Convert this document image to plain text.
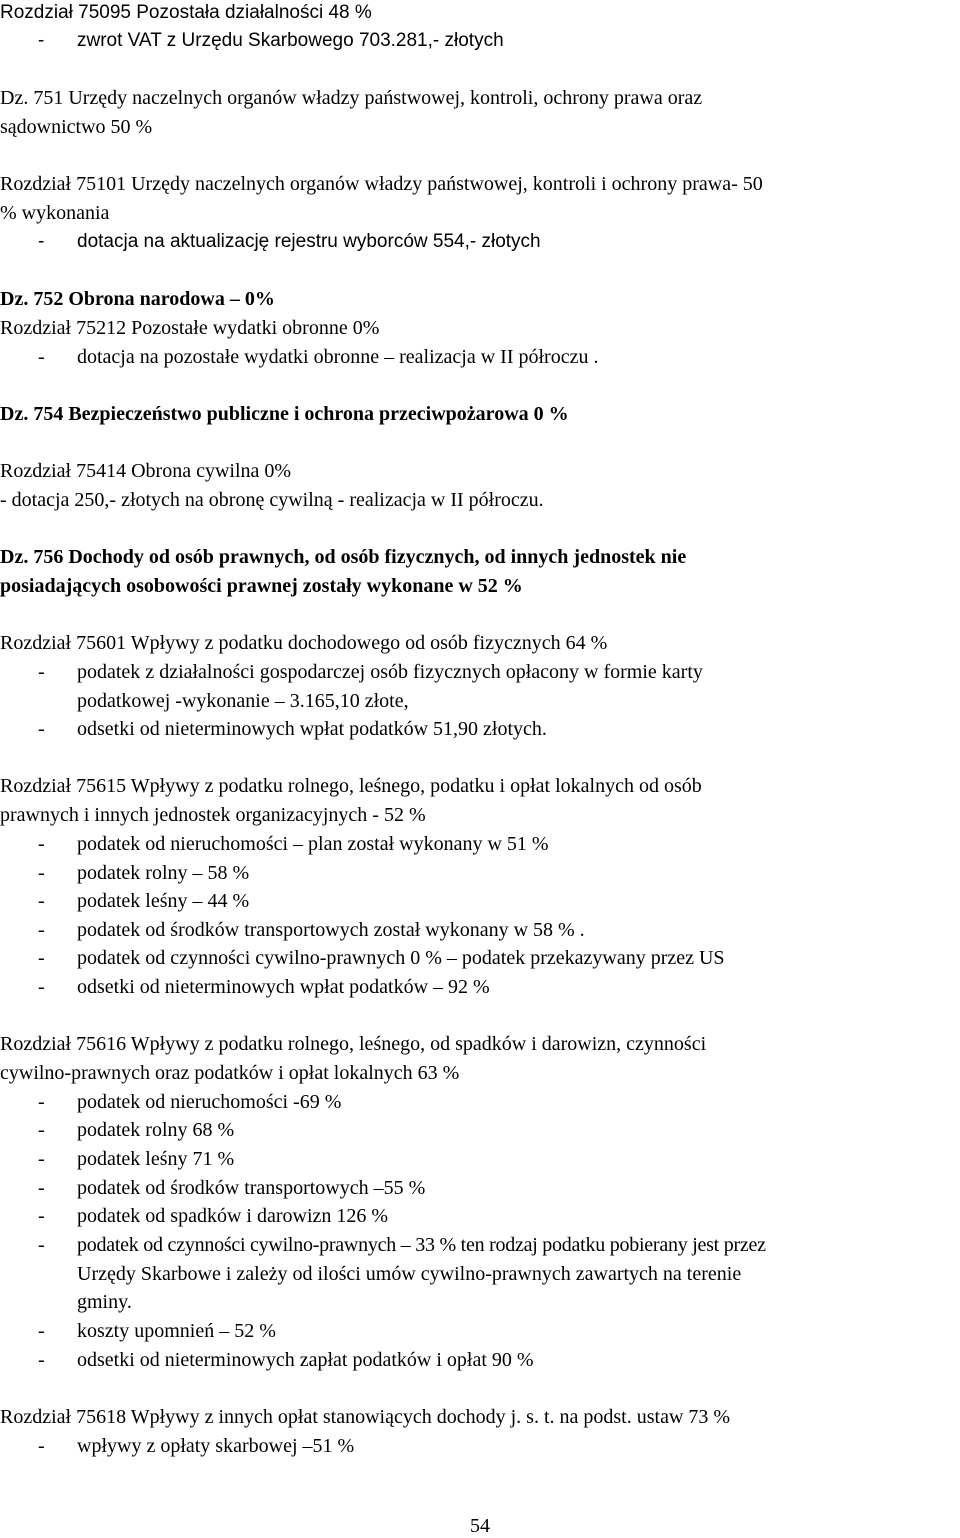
Rozdział 75095 Pozostała działalności 48 %
- zwrot VAT z Urzędu Skarbowego 703.281,- złotych
Dz. 751 Urzędy naczelnych organów władzy państwowej, kontroli, ochrony prawa oraz
sądownictwo 50 %
Rozdział 75101 Urzędy naczelnych organów władzy państwowej, kontroli i ochrony prawa- 50
% wykonania
- dotacja na aktualizację rejestru wyborców 554,- złotych
Dz. 752 Obrona narodowa – 0%
Rozdział 75212 Pozostałe wydatki obronne 0%
- dotacja na pozostałe wydatki obronne – realizacja w II półroczu .
Dz. 754 Bezpieczeństwo publiczne i ochrona przeciwpożarowa 0 %
Rozdział 75414 Obrona cywilna 0%
- dotacja 250,- złotych na obronę cywilną - realizacja w II półroczu.
Dz. 756 Dochody od osób prawnych, od osób fizycznych, od innych jednostek nie
posiadających osobowości prawnej zostały wykonane w 52 %
Rozdział 75601 Wpływy z podatku dochodowego od osób fizycznych 64 %
- podatek z działalności gospodarczej osób fizycznych opłacony w formie karty
podatkowej -wykonanie – 3.165,10 złote,
- odsetki od nieterminowych wpłat podatków 51,90 złotych.
Rozdział 75615 Wpływy z podatku rolnego, leśnego, podatku i opłat lokalnych od osób
prawnych i innych jednostek organizacyjnych - 52 %
- podatek od nieruchomości – plan został wykonany w 51 %
- podatek rolny – 58 %
- podatek leśny – 44 %
- podatek od środków transportowych został wykonany w 58 % .
- podatek od czynności cywilno-prawnych 0 % – podatek przekazywany przez US
- odsetki od nieterminowych wpłat podatków – 92 %
Rozdział 75616 Wpływy z podatku rolnego, leśnego, od spadków i darowizn, czynności
cywilno-prawnych oraz podatków i opłat lokalnych 63 %
- podatek od nieruchomości -69 %
- podatek rolny 68 %
- podatek leśny 71 %
- podatek od środków transportowych –55 %
- podatek od spadków i darowizn 126 %
- podatek od czynności cywilno-prawnych – 33 % ten rodzaj podatku pobierany jest przez
Urzędy Skarbowe i zależy od ilości umów cywilno-prawnych zawartych na terenie
gminy.
- koszty upomnień – 52 %
- odsetki od nieterminowych zapłat podatków i opłat 90 %
Rozdział 75618 Wpływy z innych opłat stanowiących dochody j. s. t. na podst. ustaw 73 %
- wpływy z opłaty skarbowej –51 %
54
